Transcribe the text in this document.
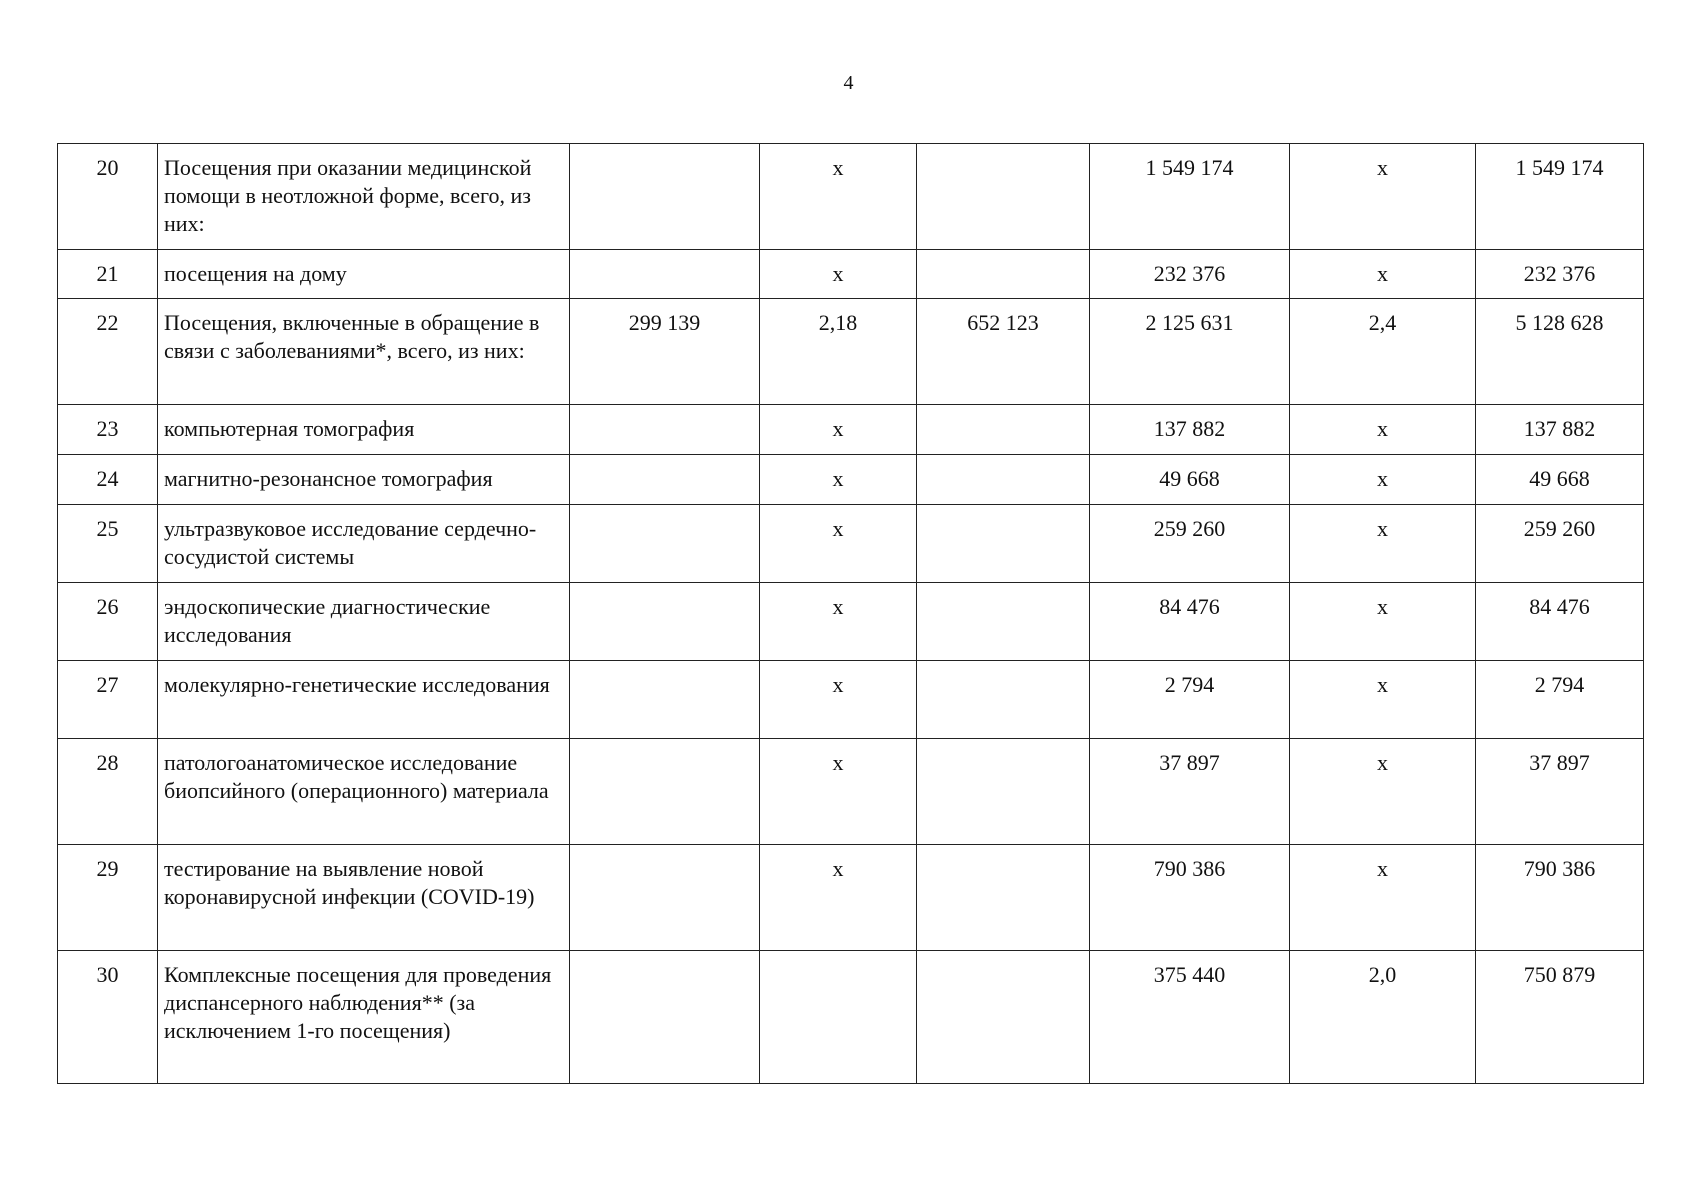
4
20	Посещения при оказании медицинской помощи в неотложной форме, всего, из них:		х		1 549 174	х	1 549 174
21	посещения на дому		х		232 376	х	232 376
22	Посещения, включенные в обращение в связи с заболеваниями*, всего, из них:	299 139	2,18	652 123	2 125 631	2,4	5 128 628
23	компьютерная томография		х		137 882	х	137 882
24	магнитно-резонансное томография		х		49 668	х	49 668
25	ультразвуковое исследование сердечно-сосудистой системы		х		259 260	х	259 260
26	эндоскопические диагностические исследования		х		84 476	х	84 476
27	молекулярно-генетические исследования		х		2 794	х	2 794
28	патологоанатомическое исследование биопсийного (операционного) материала		х		37 897	х	37 897
29	тестирование на выявление новой коронавирусной инфекции (COVID-19)		х		790 386	х	790 386
30	Комплексные посещения для проведения диспансерного наблюдения** (за исключением 1-го посещения)				375 440	2,0	750 879
